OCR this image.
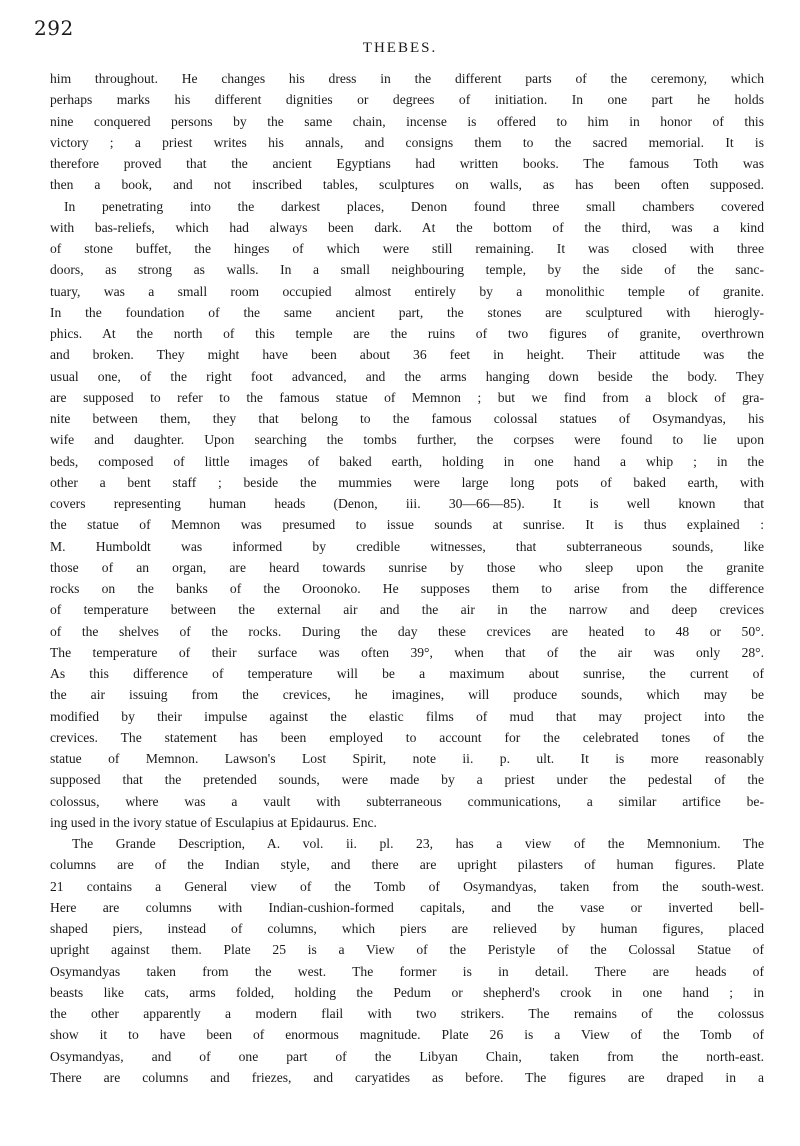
292
THEBES.
him throughout. He changes his dress in the different parts of the ceremony, which
perhaps marks his different dignities or degrees of initiation. In one part he holds
nine conquered persons by the same chain, incense is offered to him in honor of this
victory ; a priest writes his annals, and consigns them to the sacred memorial. It is
therefore proved that the ancient Egyptians had written books. The famous Toth was
then a book, and not inscribed tables, sculptures on walls, as has been often supposed.
In penetrating into the darkest places, Denon found three small chambers covered
with bas-reliefs, which had always been dark. At the bottom of the third, was a kind
of stone buffet, the hinges of which were still remaining. It was closed with three
doors, as strong as walls. In a small neighbouring temple, by the side of the sanc-
tuary, was a small room occupied almost entirely by a monolithic temple of granite.
In the foundation of the same ancient part, the stones are sculptured with hierogly-
phics. At the north of this temple are the ruins of two figures of granite, overthrown
and broken. They might have been about 36 feet in height. Their attitude was the
usual one, of the right foot advanced, and the arms hanging down beside the body. They
are supposed to refer to the famous statue of Memnon ; but we find from a block of gra-
nite between them, they that belong to the famous colossal statues of Osymandyas, his
wife and daughter. Upon searching the tombs further, the corpses were found to lie upon
beds, composed of little images of baked earth, holding in one hand a whip ; in the
other a bent staff ; beside the mummies were large long pots of baked earth, with
covers representing human heads (Denon, iii. 30—66—85). It is well known that
the statue of Memnon was presumed to issue sounds at sunrise. It is thus explained :
M. Humboldt was informed by credible witnesses, that subterraneous sounds, like
those of an organ, are heard towards sunrise by those who sleep upon the granite
rocks on the banks of the Oroonoko. He supposes them to arise from the difference
of temperature between the external air and the air in the narrow and deep crevices
of the shelves of the rocks. During the day these crevices are heated to 48 or 50°.
The temperature of their surface was often 39°, when that of the air was only 28°.
As this difference of temperature will be a maximum about sunrise, the current of
the air issuing from the crevices, he imagines, will produce sounds, which may be
modified by their impulse against the elastic films of mud that may project into the
crevices. The statement has been employed to account for the celebrated tones of the
statue of Memnon. Lawson's Lost Spirit, note ii. p. ult. It is more reasonably
supposed that the pretended sounds, were made by a priest under the pedestal of the
colossus, where was a vault with subterraneous communications, a similar artifice be-
ing used in the ivory statue of Esculapius at Epidaurus. Enc.
The Grande Description, A. vol. ii. pl. 23, has a view of the Memnonium. The
columns are of the Indian style, and there are upright pilasters of human figures. Plate
21 contains a General view of the Tomb of Osymandyas, taken from the south-west.
Here are columns with Indian-cushion-formed capitals, and the vase or inverted bell-
shaped piers, instead of columns, which piers are relieved by human figures, placed
upright against them. Plate 25 is a View of the Peristyle of the Colossal Statue of
Osymandyas taken from the west. The former is in detail. There are heads of
beasts like cats, arms folded, holding the Pedum or shepherd's crook in one hand ; in
the other apparently a modern flail with two strikers. The remains of the colossus
show it to have been of enormous magnitude. Plate 26 is a View of the Tomb of
Osymandyas, and of one part of the Libyan Chain, taken from the north-east.
There are columns and friezes, and caryatides as before. The figures are draped in a
